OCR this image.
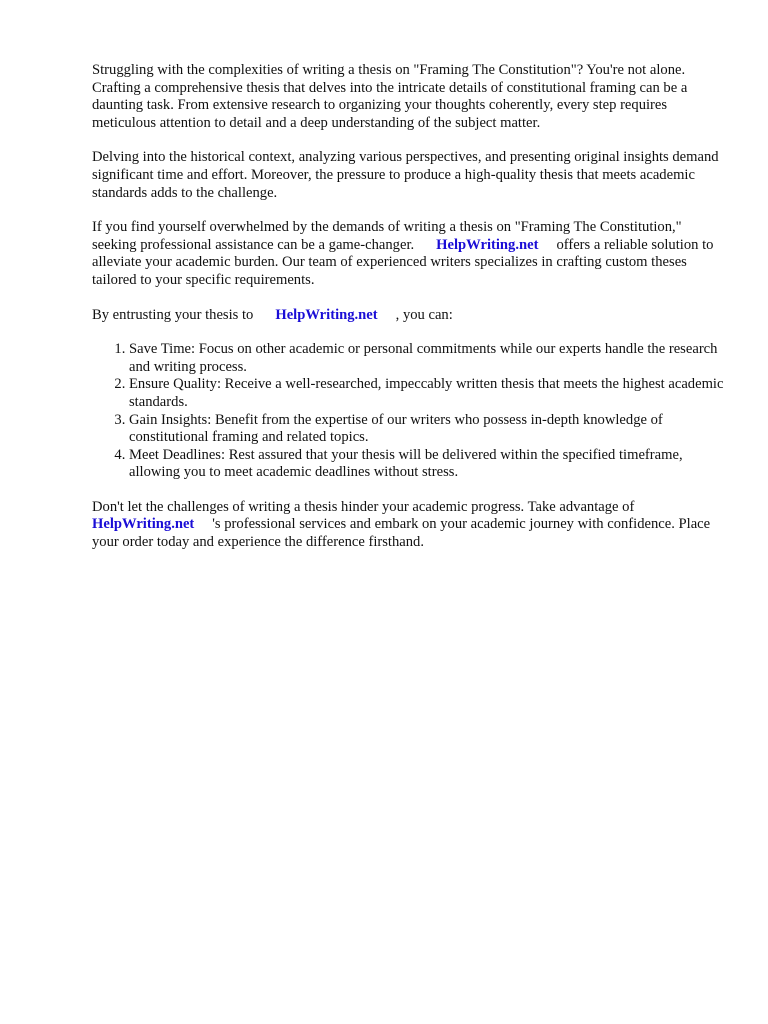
Struggling with the complexities of writing a thesis on "Framing The Constitution"? You're not alone. Crafting a comprehensive thesis that delves into the intricate details of constitutional framing can be a daunting task. From extensive research to organizing your thoughts coherently, every step requires meticulous attention to detail and a deep understanding of the subject matter.

Delving into the historical context, analyzing various perspectives, and presenting original insights demand significant time and effort. Moreover, the pressure to produce a high-quality thesis that meets academic standards adds to the challenge.

If you find yourself overwhelmed by the demands of writing a thesis on "Framing The Constitution," seeking professional assistance can be a game-changer. HelpWriting.net offers a reliable solution to alleviate your academic burden. Our team of experienced writers specializes in crafting custom theses tailored to your specific requirements.

By entrusting your thesis to HelpWriting.net , you can:

1. Save Time: Focus on other academic or personal commitments while our experts handle the research and writing process.
2. Ensure Quality: Receive a well-researched, impeccably written thesis that meets the highest academic standards.
3. Gain Insights: Benefit from the expertise of our writers who possess in-depth knowledge of constitutional framing and related topics.
4. Meet Deadlines: Rest assured that your thesis will be delivered within the specified timeframe, allowing you to meet academic deadlines without stress.

Don't let the challenges of writing a thesis hinder your academic progress. Take advantage of HelpWriting.net 's professional services and embark on your academic journey with confidence. Place your order today and experience the difference firsthand.
